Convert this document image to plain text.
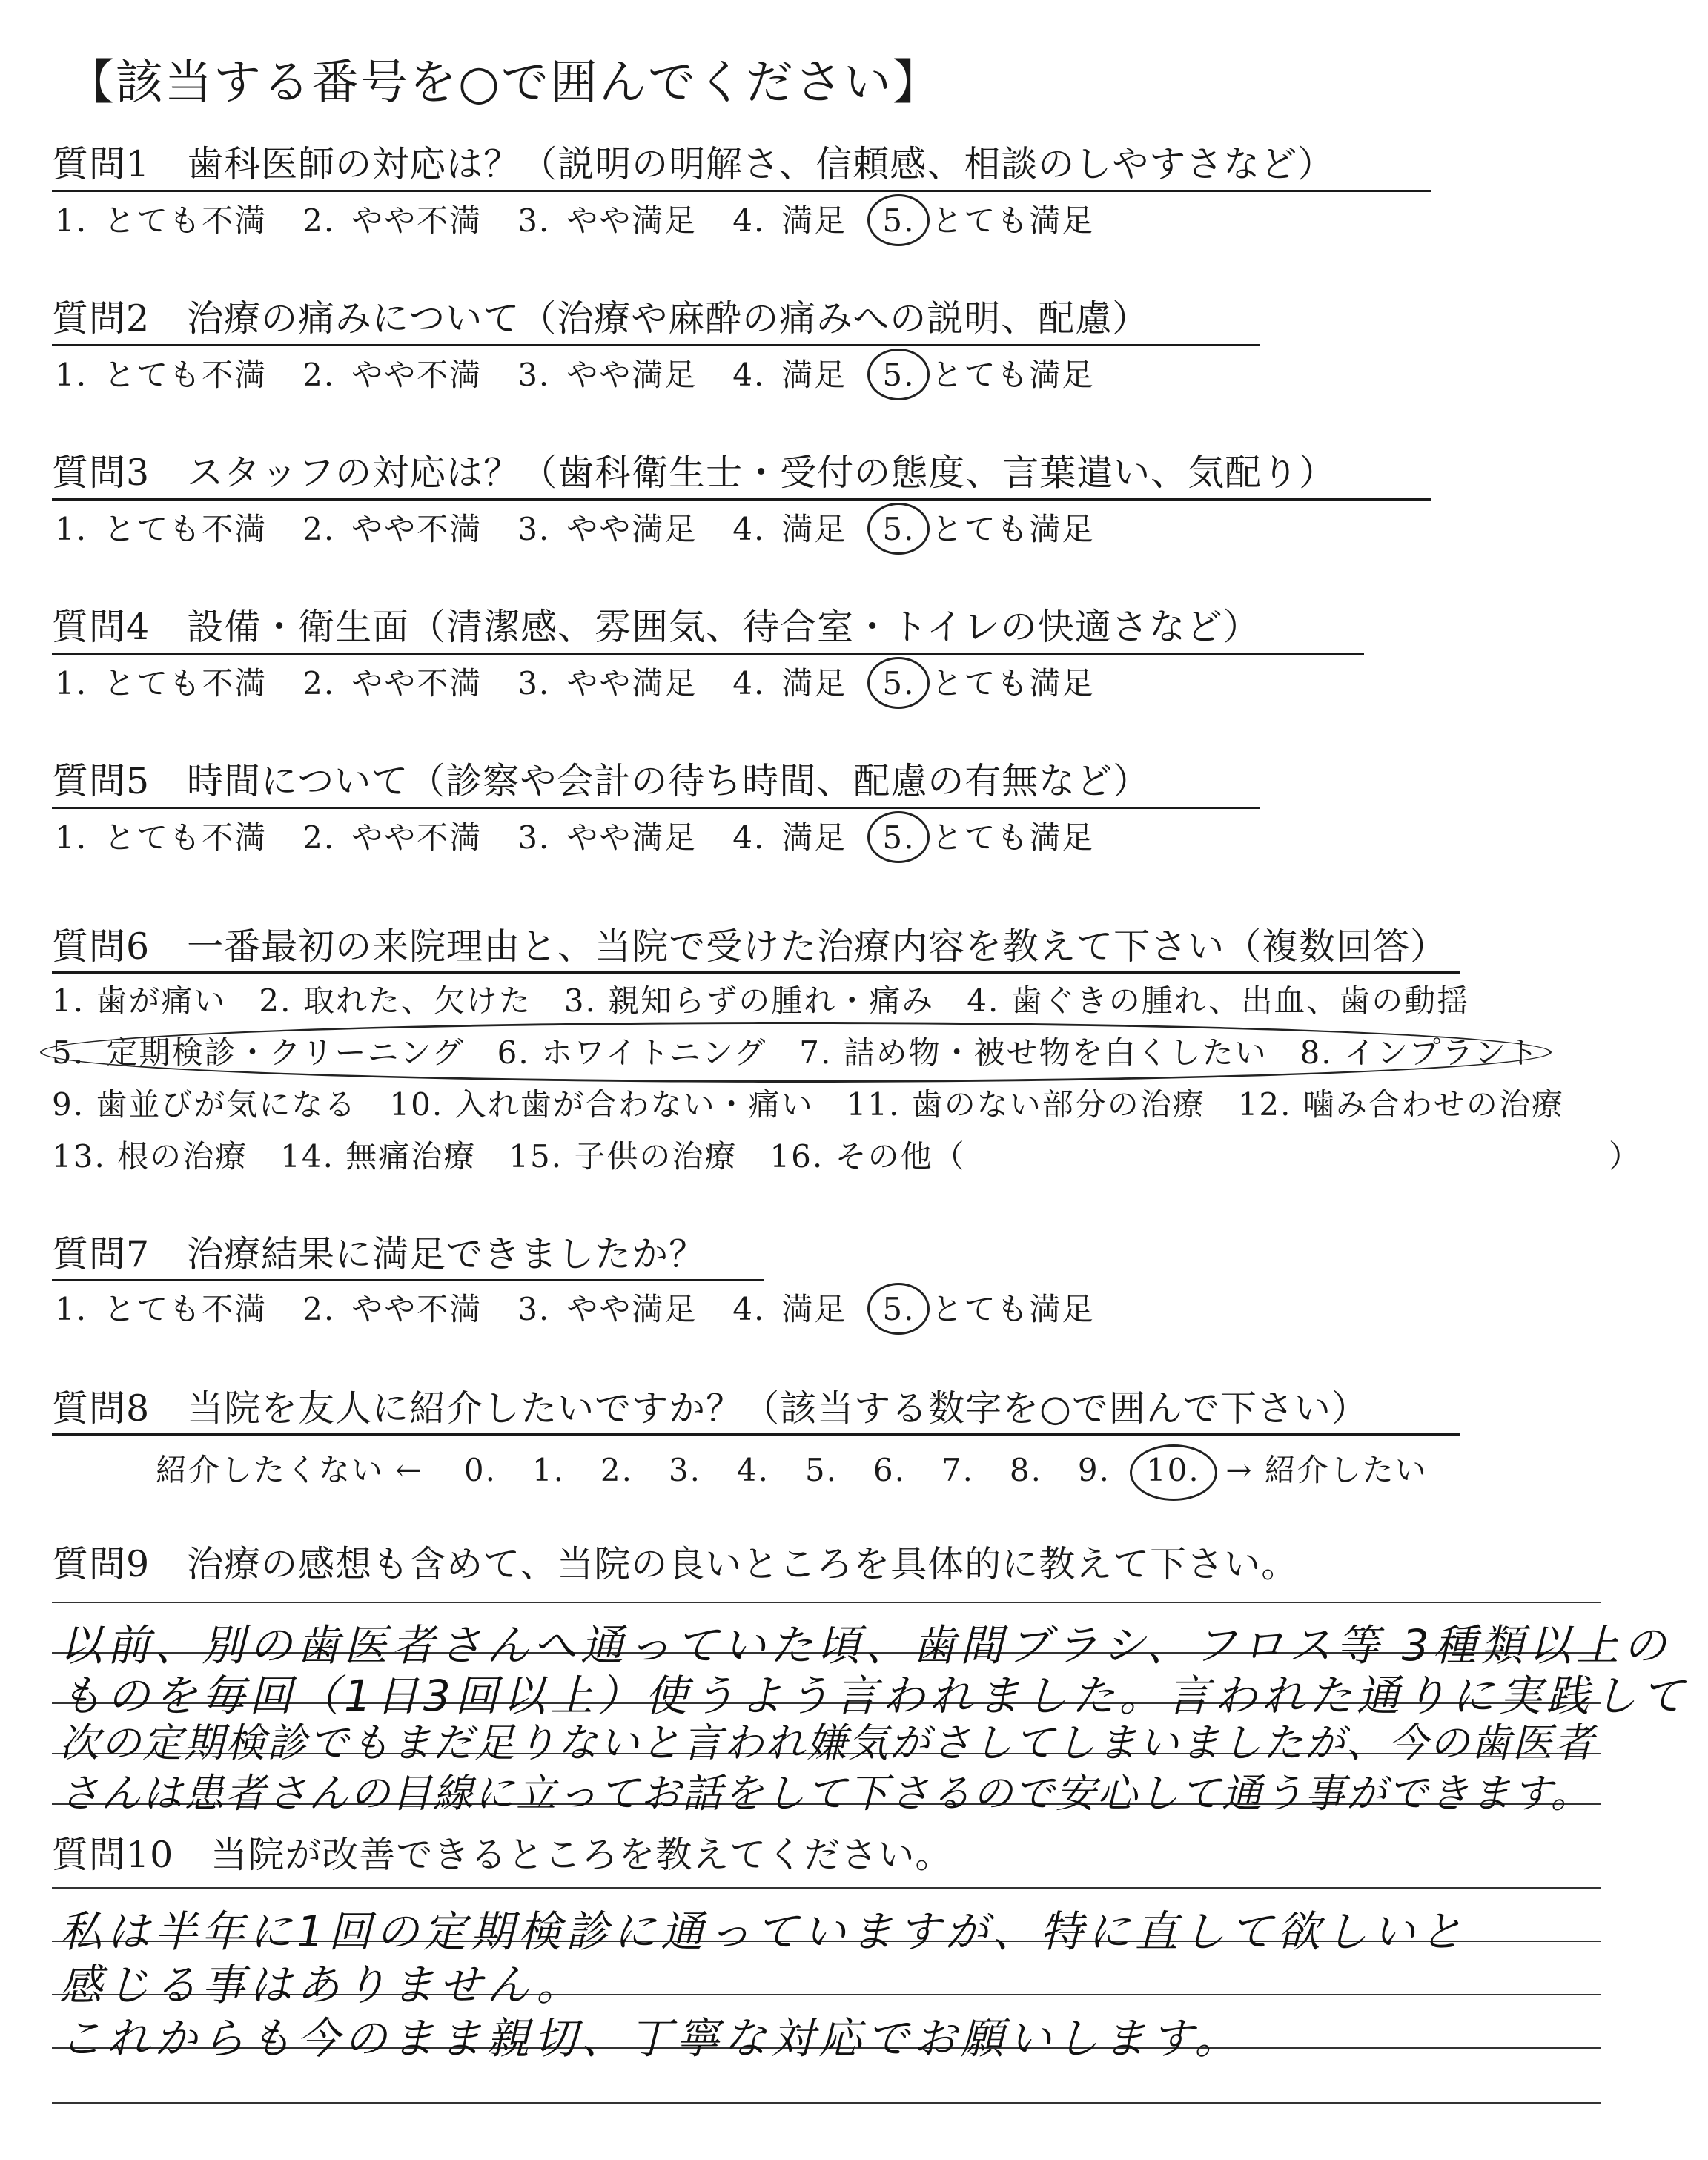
【該当する番号を○で囲んでください】
質問1　歯科医師の対応は？（説明の明解さ、信頼感、相談のしやすさなど）
1. とても不満 2. やや不満 3. やや満足 4. 満足 5. とても満足
質問2　治療の痛みについて（治療や麻酔の痛みへの説明、配慮）
1. とても不満 2. やや不満 3. やや満足 4. 満足 5. とても満足
質問3　スタッフの対応は？（歯科衛生士・受付の態度、言葉遣い、気配り）
1. とても不満 2. やや不満 3. やや満足 4. 満足 5. とても満足
質問4　設備・衛生面（清潔感、雰囲気、待合室・トイレの快適さなど）
1. とても不満 2. やや不満 3. やや満足 4. 満足 5. とても満足
質問5　時間について（診察や会計の待ち時間、配慮の有無など）
1. とても不満 2. やや不満 3. やや満足 4. 満足 5. とても満足
質問6　一番最初の来院理由と、当院で受けた治療内容を教えて下さい（複数回答）
1. 歯が痛い　2. 取れた、欠けた　3. 親知らずの腫れ・痛み　4. 歯ぐきの腫れ、出血、歯の動揺
5. 定期検診・クリーニング　6. ホワイトニング　7. 詰め物・被せ物を白くしたい　8. インプラント
9. 歯並びが気になる　10. 入れ歯が合わない・痛い　11. 歯のない部分の治療　12. 噛み合わせの治療
13. 根の治療　14. 無痛治療　15. 子供の治療　16. その他（	）
質問7　治療結果に満足できましたか？
1. とても不満 2. やや不満 3. やや満足 4. 満足 5. とても満足
質問8　当院を友人に紹介したいですか？（該当する数字を○で囲んで下さい）
紹介したくない ← 0. 1. 2. 3. 4. 5. 6. 7. 8. 9. 10. → 紹介したい
質問9　治療の感想も含めて、当院の良いところを具体的に教えて下さい。
以前、別の歯医者さんへ通っていた頃、歯間ブラシ、フロス等 3種類以上の
ものを毎回（1日3回以上）使うよう言われました。言われた通りに実践して
次の定期検診でもまだ足りないと言われ嫌気がさしてしまいましたが、今の歯医者
さんは患者さんの目線に立ってお話をして下さるので安心して通う事ができます。
質問10　当院が改善できるところを教えてください。
私は半年に1回の定期検診に通っていますが、特に直して欲しいと
感じる事はありません。
これからも今のまま親切、丁寧な対応でお願いします。
